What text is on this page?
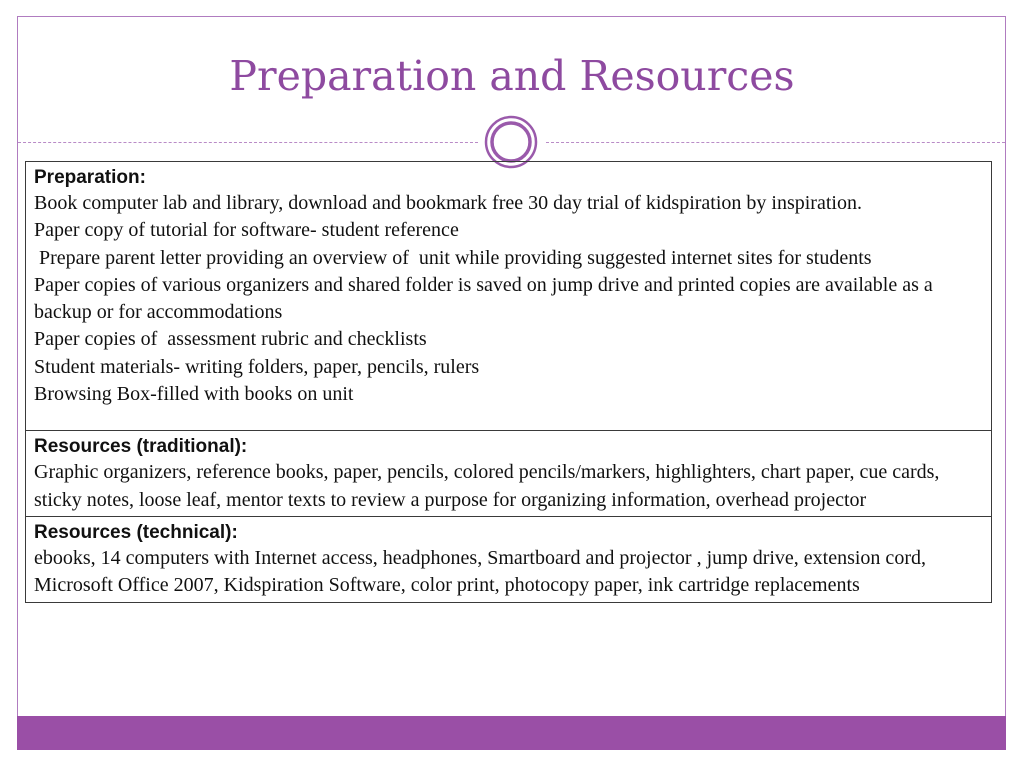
Preparation and Resources
Preparation:
Book computer lab and library, download and bookmark free 30 day trial of kidspiration by inspiration.
Paper copy of tutorial for software- student reference
Prepare parent letter providing an overview of  unit while providing suggested internet sites for students
Paper copies of various organizers and shared folder is saved on jump drive and printed copies are available as a backup or for accommodations
Paper copies of  assessment rubric and checklists
Student materials- writing folders, paper, pencils, rulers
Browsing Box-filled with books on unit

Resources (traditional):
Graphic organizers, reference books, paper, pencils, colored pencils/markers, highlighters, chart paper, cue cards, sticky notes, loose leaf, mentor texts to review a purpose for organizing information, overhead projector

Resources (technical):
ebooks, 14 computers with Internet access, headphones, Smartboard and projector , jump drive, extension cord, Microsoft Office 2007, Kidspiration Software, color print, photocopy paper, ink cartridge replacements
